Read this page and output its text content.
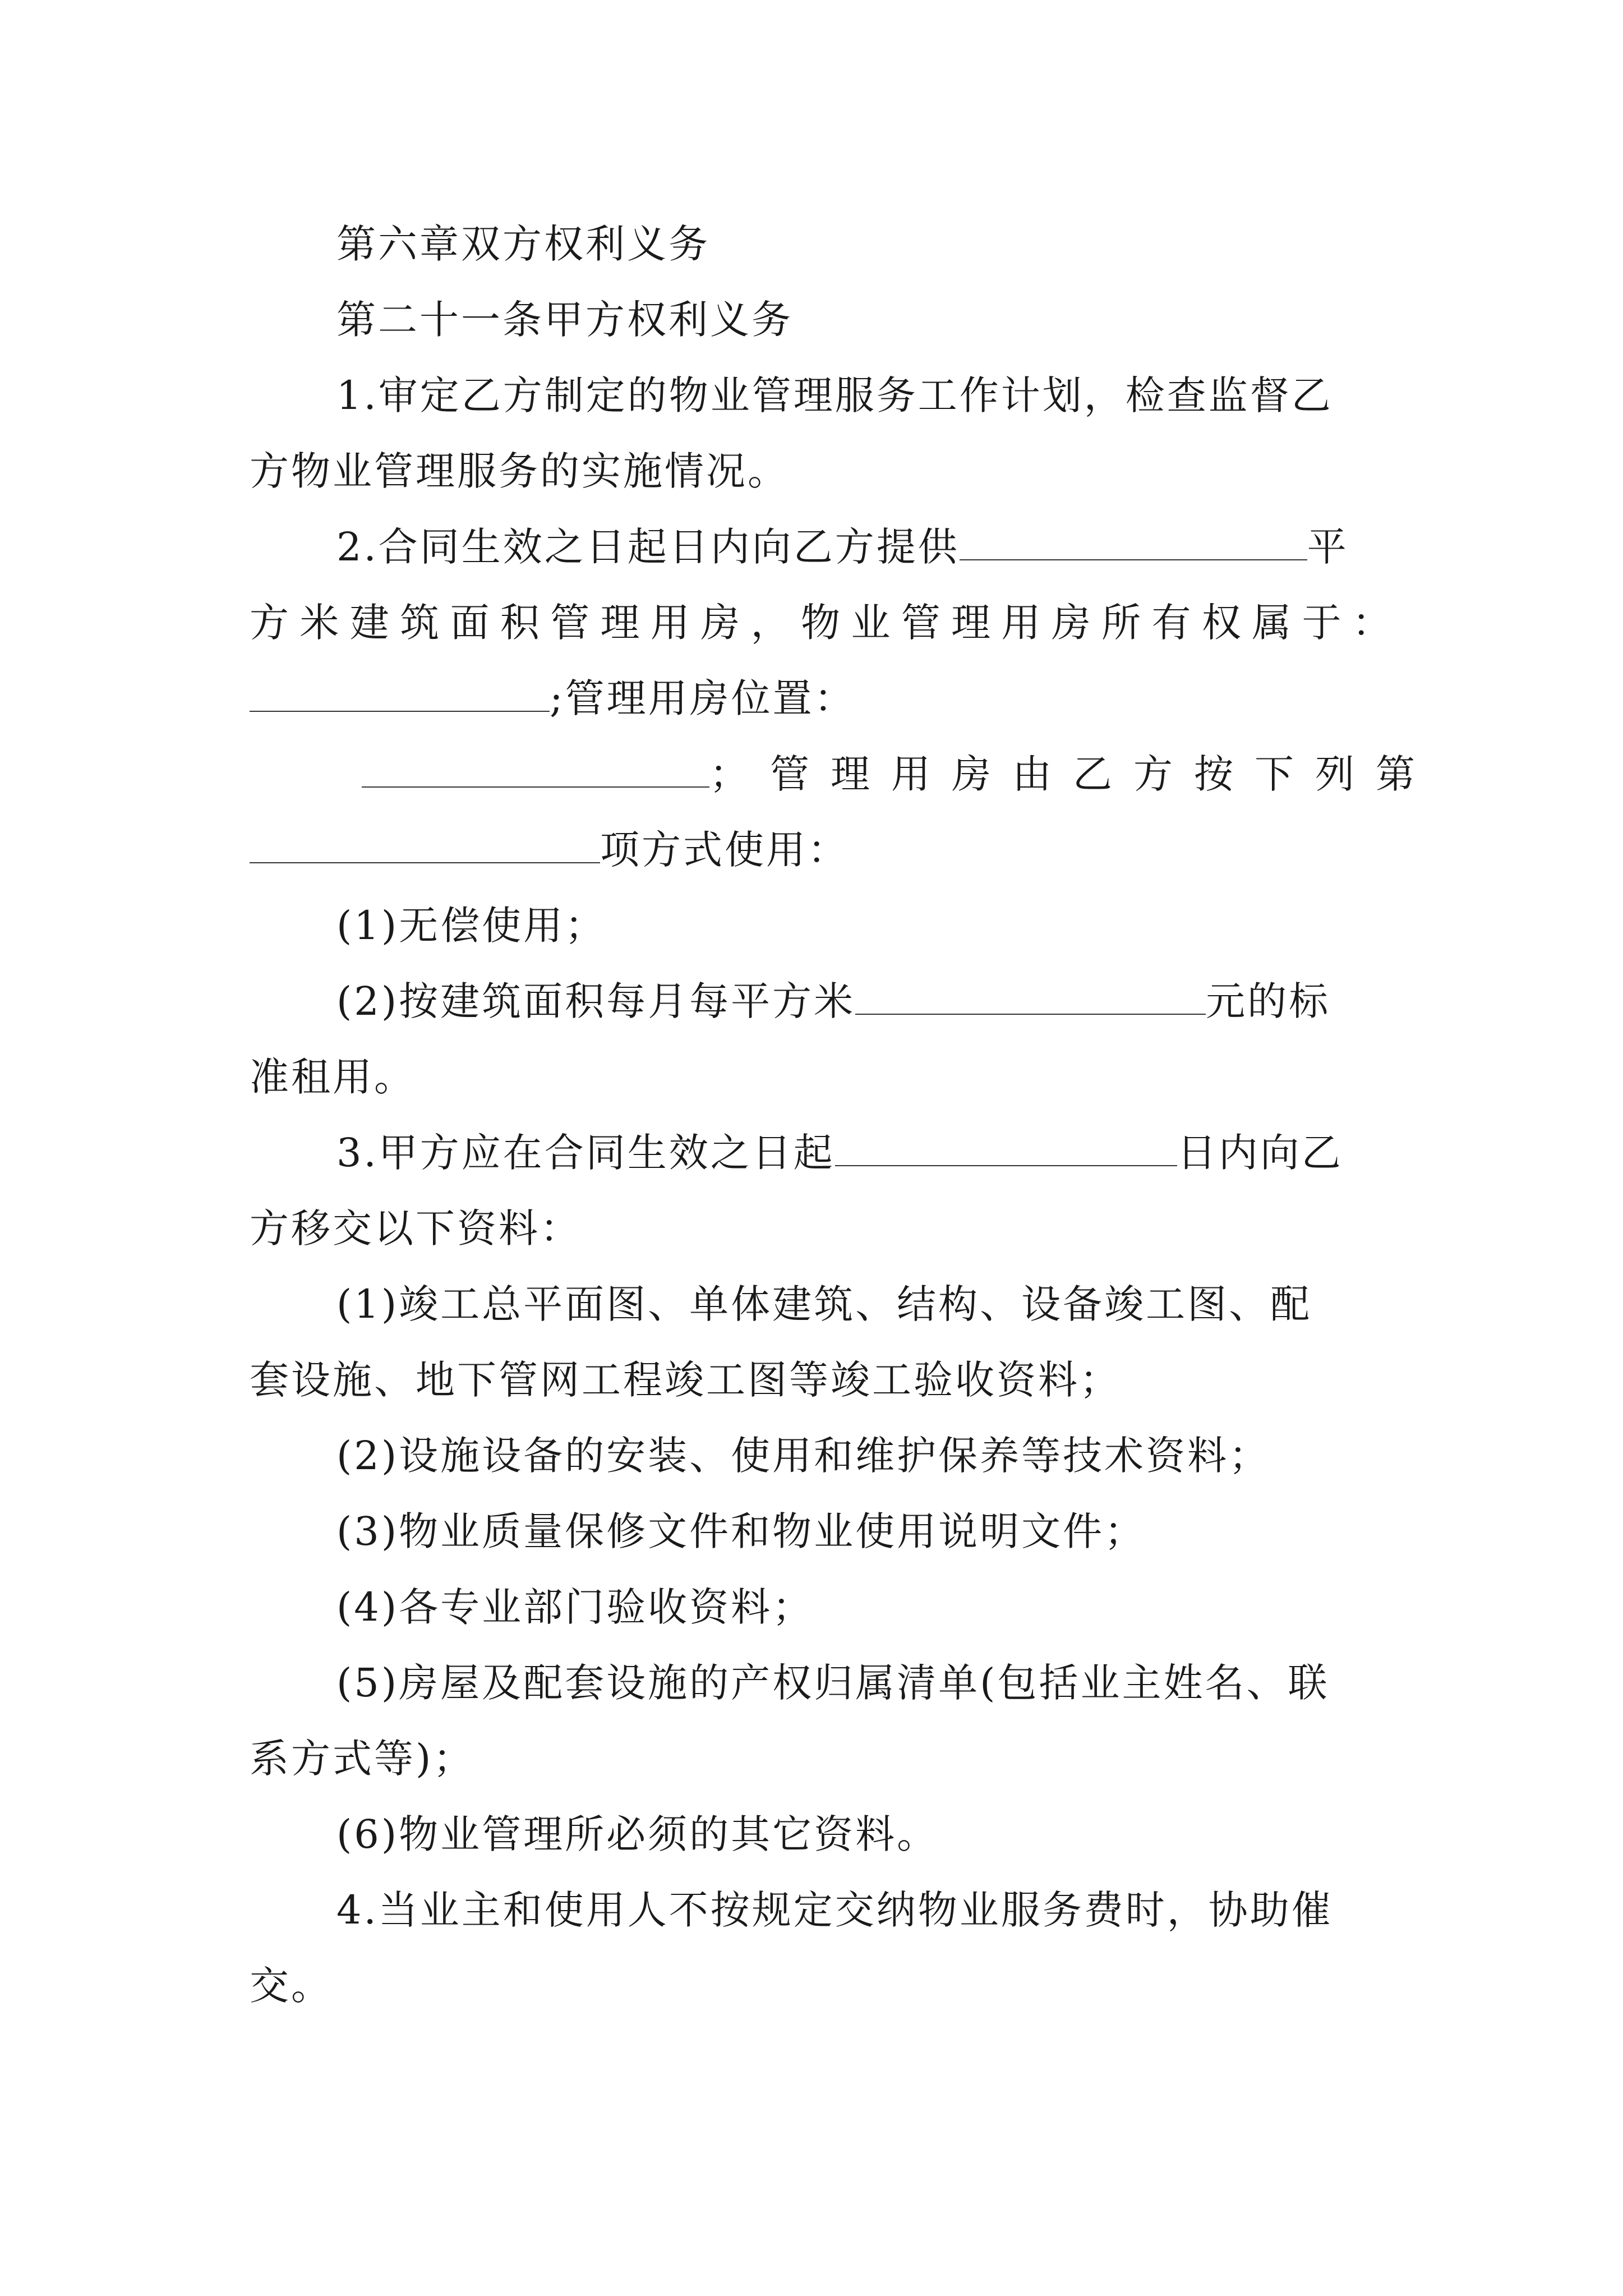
第六章双方权利义务
第二十一条甲方权利义务
1.审定乙方制定的物业管理服务工作计划，检查监督乙
方物业管理服务的实施情况。
2.合同生效之日起日内向乙方提供	平
方米建筑面积管理用房，物业管理用房所有权属于：
;管理用房位置：
；管理用房由乙方按下列第
项方式使用：
(1)无偿使用；
(2)按建筑面积每月每平方米	元的标
准租用。
3.甲方应在合同生效之日起	日内向乙
方移交以下资料：
(1)竣工总平面图、单体建筑、结构、设备竣工图、配
套设施、地下管网工程竣工图等竣工验收资料；
(2)设施设备的安装、使用和维护保养等技术资料；
(3)物业质量保修文件和物业使用说明文件；
(4)各专业部门验收资料；
(5)房屋及配套设施的产权归属清单(包括业主姓名、联
系方式等)；
(6)物业管理所必须的其它资料。
4.当业主和使用人不按规定交纳物业服务费时，协助催
交。
